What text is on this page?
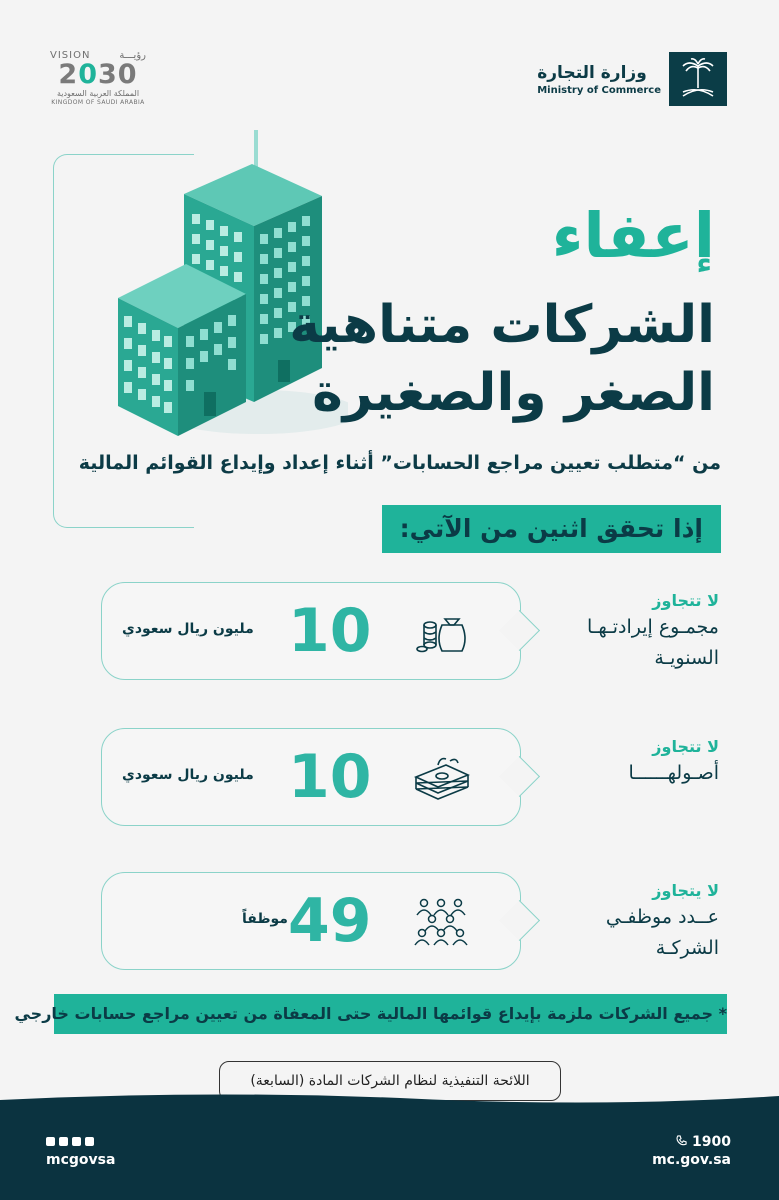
VISION	رؤيـــة
2030
المملكة العربية السعودية
KINGDOM OF SAUDI ARABIA
وزارة التجارة
Ministry of Commerce
إعفاء
الشركات متناهية
الصغر والصغيرة
من “متطلب تعيين مراجع الحسابات” أثناء إعداد وإيداع القوائم المالية
إذا تحقق اثنين من الآتي:
10
مليون ريال سعودي
لا تتجاوز
مجمـوع إيرادتـهـا
السنويـة
10
مليون ريال سعودي
لا تتجاوز
أصـولهــــــا
49
موظفاً
لا يتجاوز
عــدد موظفـي
الشركـة
* جميع الشركات ملزمة بإيداع قوائمها المالية حتى المعفاة من تعيين مراجع حسابات خارجي
اللائحة التنفيذية لنظام الشركات المادة (السابعة)
mcgovsa
1900
mc.gov.sa
